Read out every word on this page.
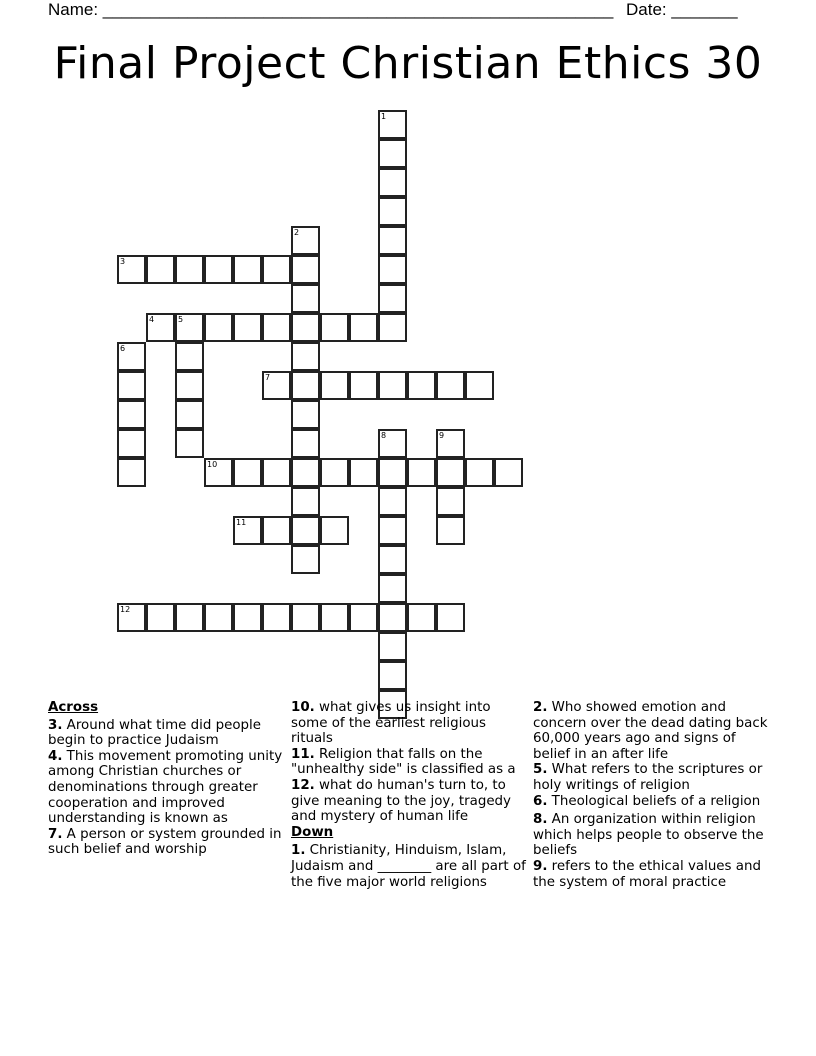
Name: ______________________________________________________ Date: _______
Final Project Christian Ethics 30
1
2
3
4	5
6
7
8	9
10
11
12
Across
3. Around what time did people begin to practice Judaism
4. This movement promoting unity among Christian churches or denominations through greater cooperation and improved understanding is known as
7. A person or system grounded in such belief and worship
10. what gives us insight into some of the earliest religious rituals
11. Religion that falls on the "unhealthy side" is classified as a
12. what do human's turn to, to give meaning to the joy, tragedy and mystery of human life
Down
1. Christianity, Hinduism, Islam, Judaism and ________ are all part of the five major world religions
2. Who showed emotion and concern over the dead dating back 60,000 years ago and signs of belief in an after life
5. What refers to the scriptures or holy writings of religion
6. Theological beliefs of a religion
8. An organization within religion which helps people to observe the beliefs
9. refers to the ethical values and the system of moral practice
